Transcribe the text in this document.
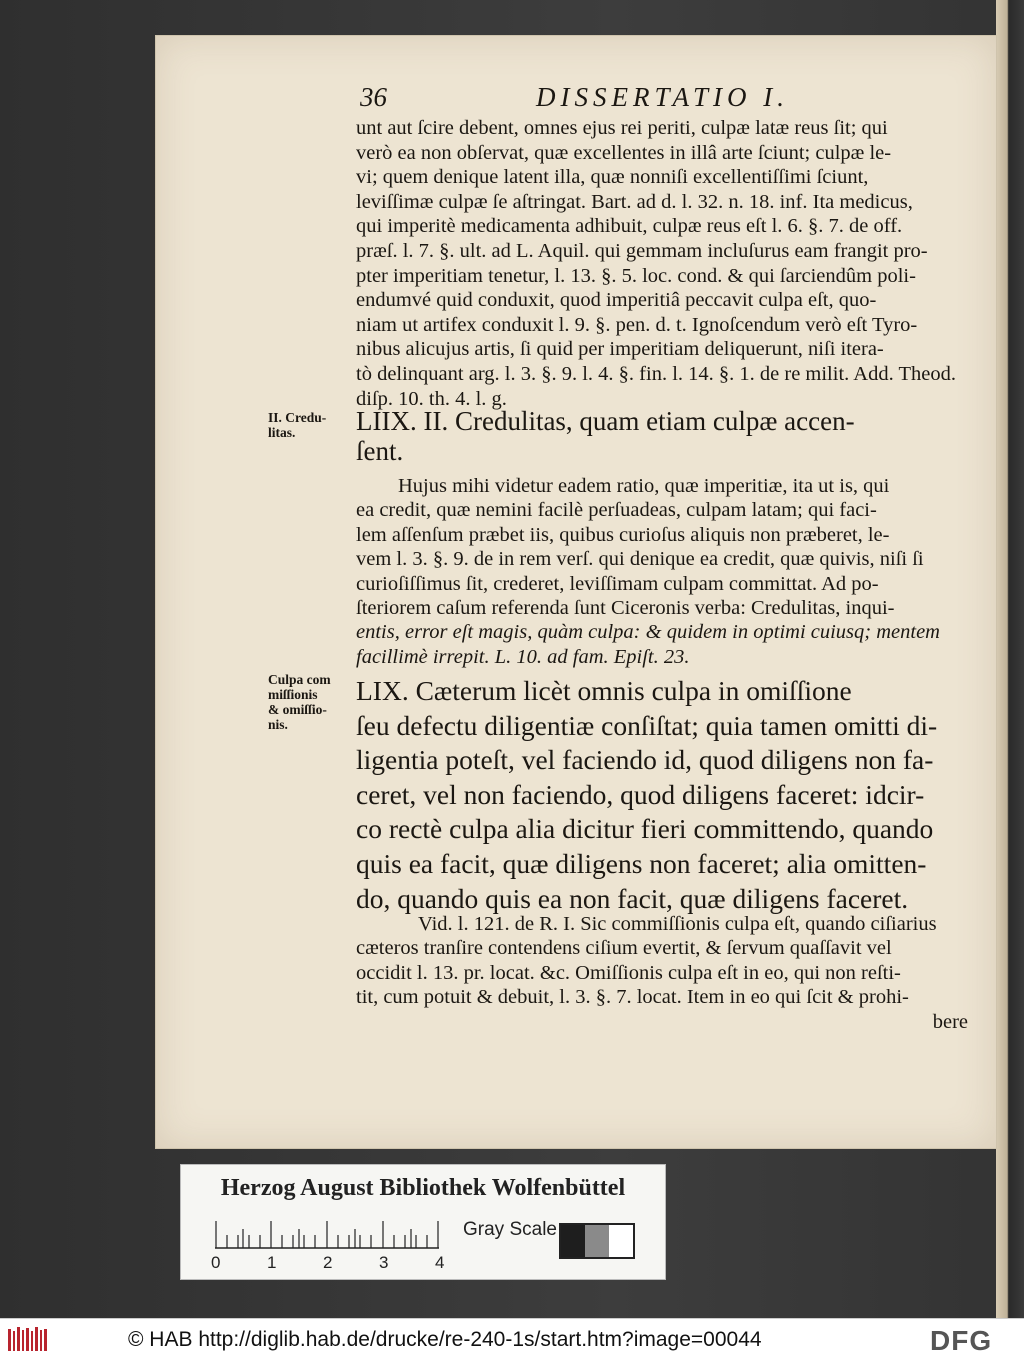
36	DISSERTATIO I.
unt aut ſcire debent, omnes ejus rei periti, culpæ latæ reus ſit; qui
verò ea non obſervat, quæ excellentes in illâ arte ſciunt; culpæ le-
vi; quem denique latent illa, quæ nonniſi excellentiſſimi ſciunt,
leviſſimæ culpæ ſe aſtringat. Bart. ad d. l. 32. n. 18. inf. Ita medicus,
qui imperitè medicamenta adhibuit, culpæ reus eſt l. 6. §. 7. de off.
præſ. l. 7. §. ult. ad L. Aquil. qui gemmam incluſurus eam frangit pro-
pter imperitiam tenetur, l. 13. §. 5. loc. cond. & qui ſarciendûm poli-
endumvé quid conduxit, quod imperitiâ peccavit culpa eſt, quo-
niam ut artifex conduxit l. 9. §. pen. d. t. Ignoſcendum verò eſt Tyro-
nibus alicujus artis, ſi quid per imperitiam deliquerunt, niſi itera-
tò delinquant arg. l. 3. §. 9. l. 4. §. fin. l. 14. §. 1. de re milit. Add. Theod.
diſp. 10. th. 4. l. g.
II. Credu-
litas.	LIIX. II. Credulitas, quam etiam culpæ accen-
ſent.
Hujus mihi videtur eadem ratio, quæ imperitiæ, ita ut is, qui
ea credit, quæ nemini facilè perſuadeas, culpam latam; qui faci-
lem aſſenſum præbet iis, quibus curioſus aliquis non præberet, le-
vem l. 3. §. 9. de in rem verſ. qui denique ea credit, quæ quivis, niſi ſi
curioſiſſimus ſit, crederet, leviſſimam culpam committat. Ad po-
ſteriorem caſum referenda ſunt Ciceronis verba: Credulitas, inqui-
entis, error eſt magis, quàm culpa: & quidem in optimi cuiusq; mentem
facillimè irrepit. L. 10. ad fam. Epiſt. 23.
Culpa com
miſſionis
& omiſſio-
nis.
LIX. Cæterum licèt omnis culpa in omiſſione
ſeu defectu diligentiæ conſiſtat; quia tamen omitti di-
ligentia poteſt, vel faciendo id, quod diligens non fa-
ceret, vel non faciendo, quod diligens faceret: idcir-
co rectè culpa alia dicitur fieri committendo, quando
quis ea facit, quæ diligens non faceret; alia omitten-
do, quando quis ea non facit, quæ diligens faceret.
Vid. l. 121. de R. I. Sic commiſſionis culpa eſt, quando ciſiarius
cæteros tranſire contendens ciſium evertit, & ſervum quaſſavit vel
occidit l. 13. pr. locat. &c. Omiſſionis culpa eſt in eo, qui non reſti-
tit, cum potuit & debuit, l. 3. §. 7. locat. Item in eo qui ſcit & prohi-
bere
Herzog August Bibliothek Wolfenbüttel
0	1	2	3	4
Gray Scale
© HAB http://diglib.hab.de/drucke/re-240-1s/start.htm?image=00044	DFG
